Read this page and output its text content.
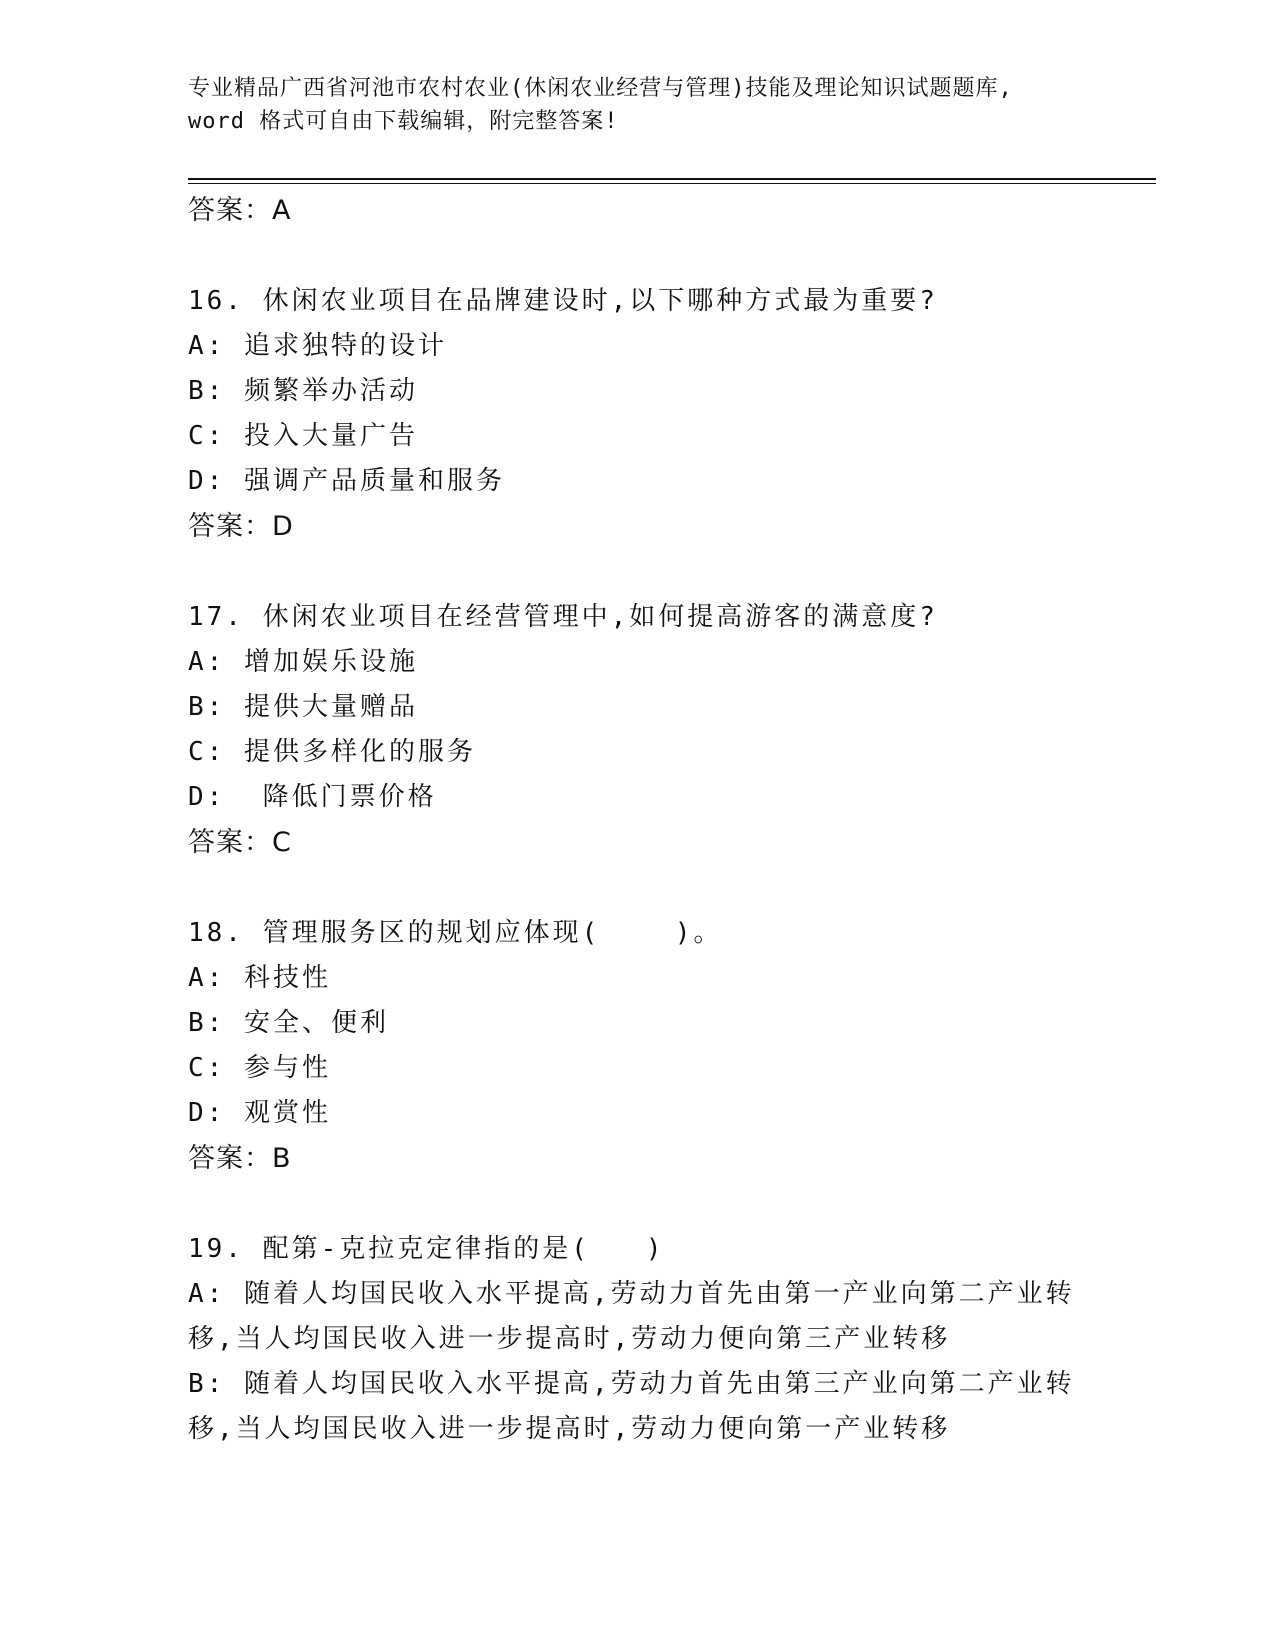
专业精品广西省河池市农村农业(休闲农业经营与管理)技能及理论知识试题题库,
word 格式可自由下载编辑，附完整答案!
答案：A
16. 休闲农业项目在品牌建设时,以下哪种方式最为重要?
A: 追求独特的设计
B: 频繁举办活动
C: 投入大量广告
D: 强调产品质量和服务
答案：D
17. 休闲农业项目在经营管理中,如何提高游客的满意度?
A: 增加娱乐设施
B: 提供大量赠品
C: 提供多样化的服务
D:  降低门票价格
答案：C
18. 管理服务区的规划应体现(    )。
A: 科技性
B: 安全、便利
C: 参与性
D: 观赏性
答案：B
19. 配第-克拉克定律指的是(   )
A: 随着人均国民收入水平提高,劳动力首先由第一产业向第二产业转移,当人均国民收入进一步提高时,劳动力便向第三产业转移
B: 随着人均国民收入水平提高,劳动力首先由第三产业向第二产业转移,当人均国民收入进一步提高时,劳动力便向第一产业转移
